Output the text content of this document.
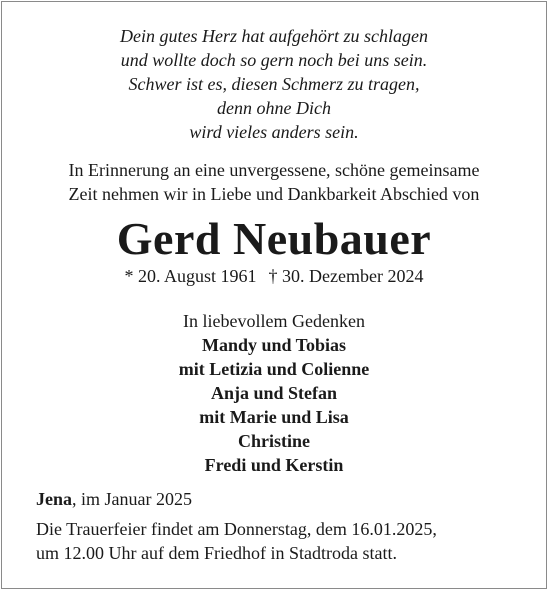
Dein gutes Herz hat aufgehört zu schlagen
und wollte doch so gern noch bei uns sein.
Schwer ist es, diesen Schmerz zu tragen,
denn ohne Dich
wird vieles anders sein.
In Erinnerung an eine unvergessene, schöne gemeinsame
Zeit nehmen wir in Liebe und Dankbarkeit Abschied von
Gerd Neubauer
* 20. August 1961 † 30. Dezember 2024
In liebevollem Gedenken
Mandy und Tobias
mit Letizia und Colienne
Anja und Stefan
mit Marie und Lisa
Christine
Fredi und Kerstin
Jena, im Januar 2025
Die Trauerfeier findet am Donnerstag, dem 16.01.2025,
um 12.00 Uhr auf dem Friedhof in Stadtroda statt.
